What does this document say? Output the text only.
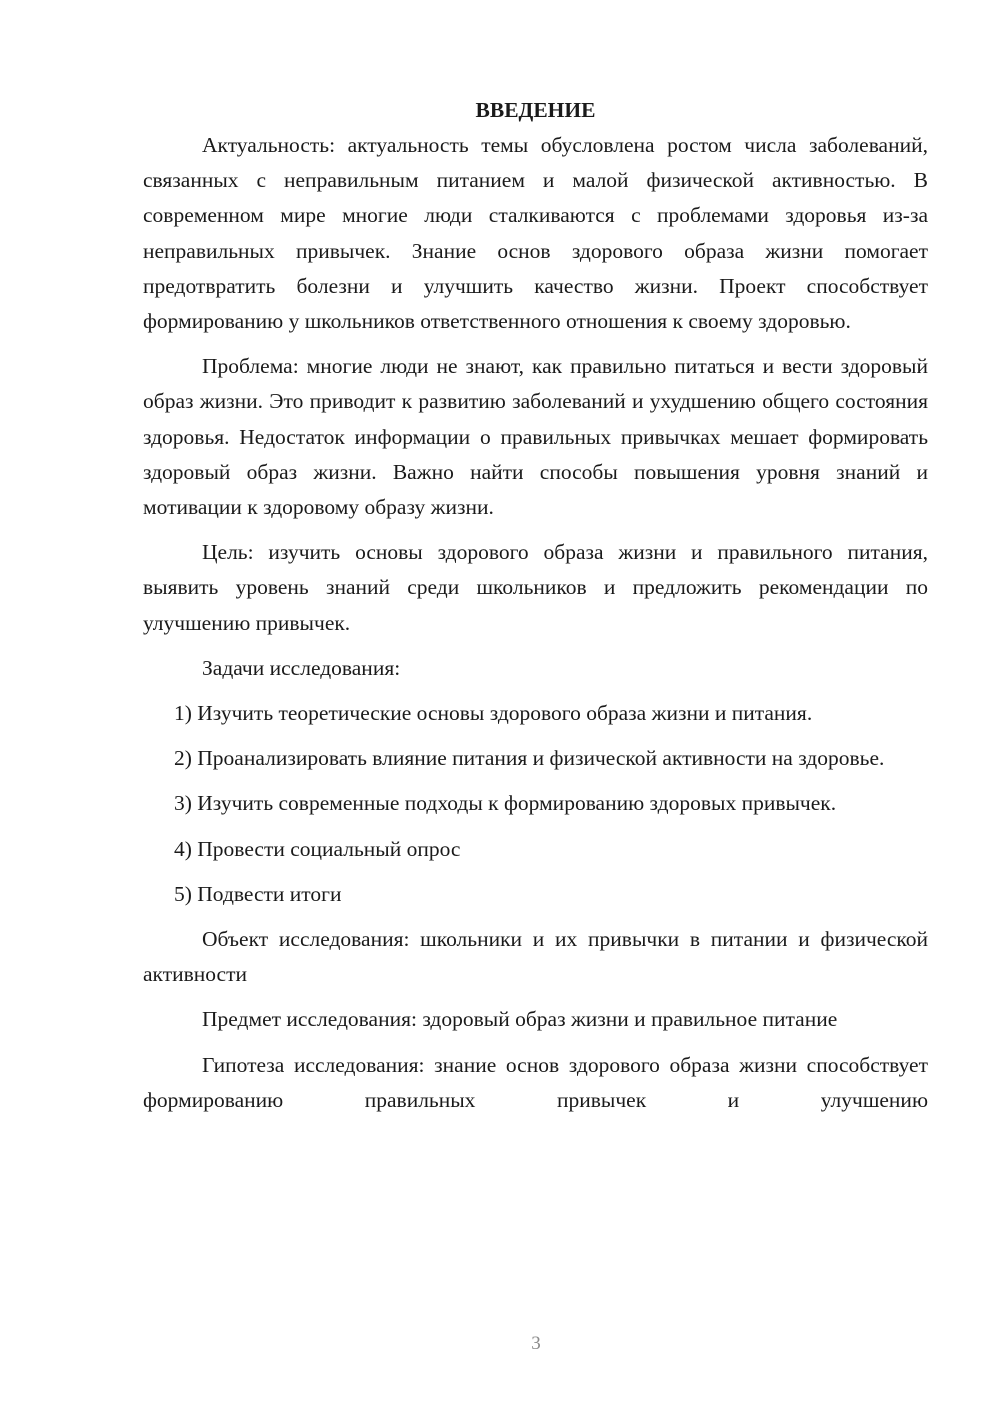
ВВЕДЕНИЕ

Актуальность: актуальность темы обусловлена ростом числа заболеваний, связанных с неправильным питанием и малой физической активностью. В современном мире многие люди сталкиваются с проблемами здоровья из-за неправильных привычек. Знание основ здорового образа жизни помогает предотвратить болезни и улучшить качество жизни. Проект способствует формированию у школьников ответственного отношения к своему здоровью.

Проблема: многие люди не знают, как правильно питаться и вести здоровый образ жизни. Это приводит к развитию заболеваний и ухудшению общего состояния здоровья. Недостаток информации о правильных привычках мешает формировать здоровый образ жизни. Важно найти способы повышения уровня знаний и мотивации к здоровому образу жизни.

Цель: изучить основы здорового образа жизни и правильного питания, выявить уровень знаний среди школьников и предложить рекомендации по улучшению привычек.

Задачи исследования:

1) Изучить теоретические основы здорового образа жизни и питания.

2) Проанализировать влияние питания и физической активности на здоровье.

3) Изучить современные подходы к формированию здоровых привычек.

4) Провести социальный опрос

5) Подвести итоги

Объект исследования: школьники и их привычки в питании и физической активности

Предмет исследования: здоровый образ жизни и правильное питание

Гипотеза исследования: знание основ здорового образа жизни способствует формированию правильных привычек и улучшению

3
